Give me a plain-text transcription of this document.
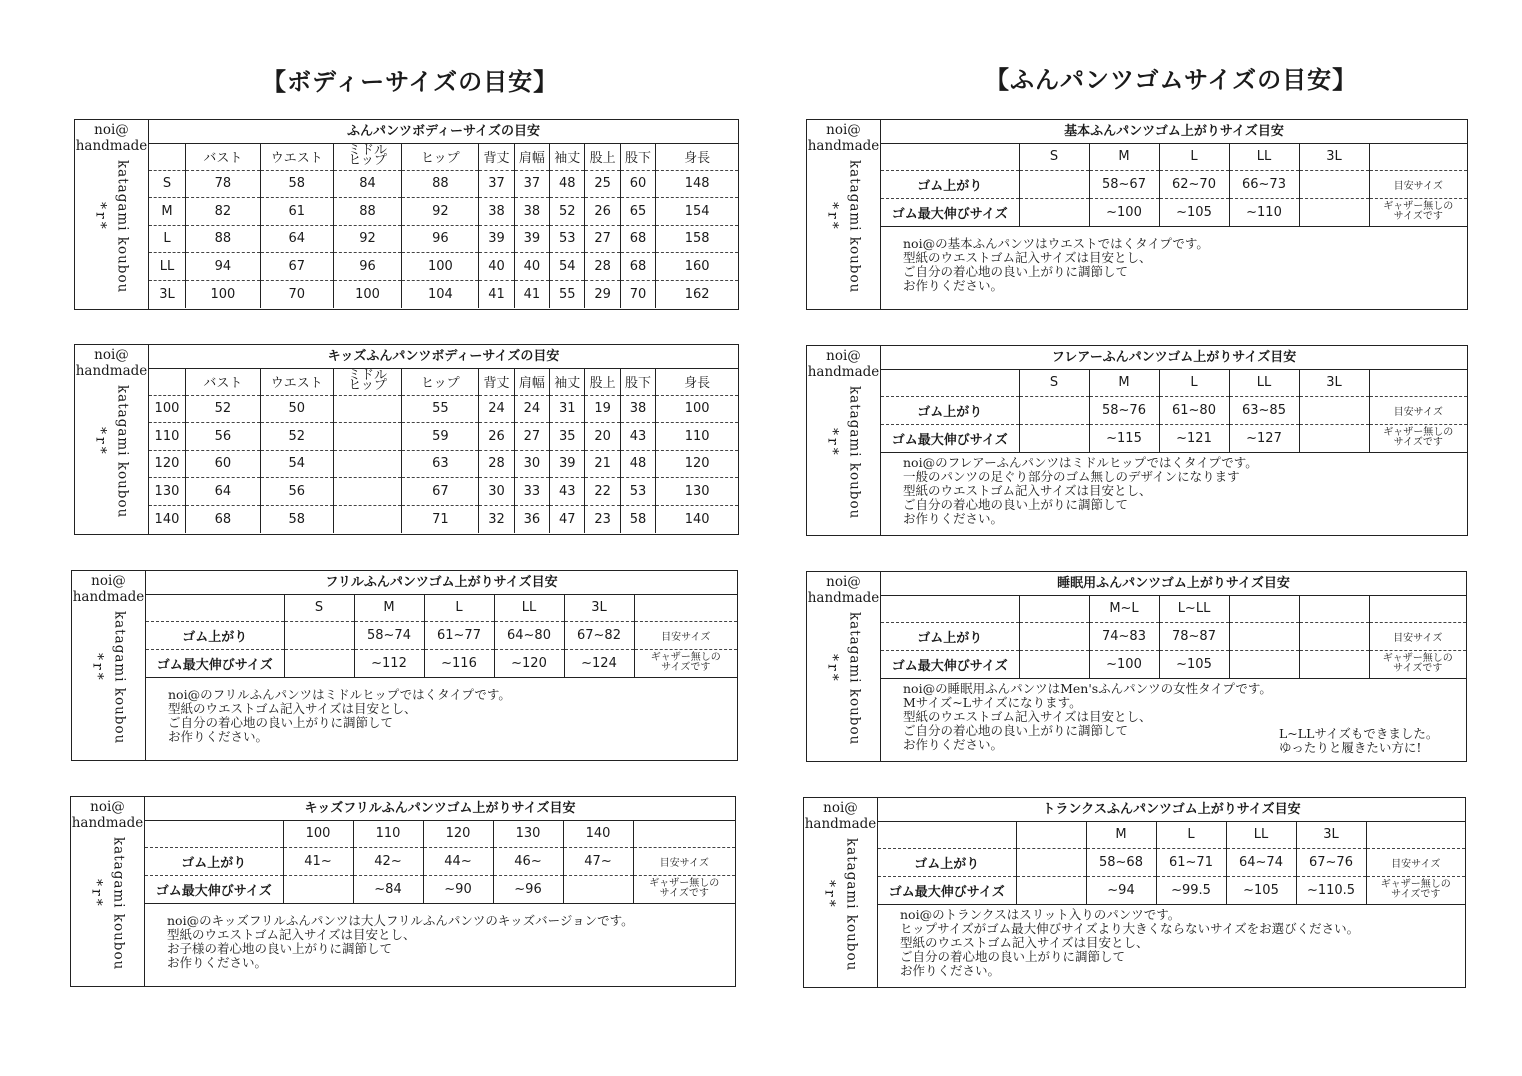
【ボディーサイズの目安】	【ふんパンツゴムサイズの目安】
noi@
handmade
katagami koubou
*r*
ふんパンツボディーサイズの目安
	バスト	ウエスト	ミドル
ヒップ	ヒップ	背丈	肩幅	袖丈	股上	股下	身長
S	78	58	84	88	37	37	48	25	60	148
M	82	61	88	92	38	38	52	26	65	154
L	88	64	92	96	39	39	53	27	68	158
LL	94	67	96	100	40	40	54	28	68	160
3L	100	70	100	104	41	41	55	29	70	162
noi@
handmade
katagami koubou
*r*
キッズふんパンツボディーサイズの目安
	バスト	ウエスト	ミドル
ヒップ	ヒップ	背丈	肩幅	袖丈	股上	股下	身長
100	52	50		55	24	24	31	19	38	100
110	56	52		59	26	27	35	20	43	110
120	60	54		63	28	30	39	21	48	120
130	64	56		67	30	33	43	22	53	130
140	68	58		71	32	36	47	23	58	140
noi@
handmade
katagami koubou
*r*
フリルふんパンツゴム上がりサイズ目安
	S	M	L	LL	3L	
ゴム上がり		58~74	61~77	64~80	67~82	目安サイズ
ゴム最大伸びサイズ		~112	~116	~120	~124	ギャザー無しの
サイズです
noi@のフリルふんパンツはミドルヒップではくタイプです。
型紙のウエストゴム記入サイズは目安とし、
ご自分の着心地の良い上がりに調節して
お作りください。
noi@
handmade
katagami koubou
*r*
キッズフリルふんパンツゴム上がりサイズ目安
	100	110	120	130	140	
ゴム上がり	41~	42~	44~	46~	47~	目安サイズ
ゴム最大伸びサイズ		~84	~90	~96		ギャザー無しの
サイズです
noi@のキッズフリルふんパンツは大人フリルふんパンツのキッズバージョンです。
型紙のウエストゴム記入サイズは目安とし、
お子様の着心地の良い上がりに調節して
お作りください。
noi@
handmade
katagami koubou
*r*
基本ふんパンツゴム上がりサイズ目安
	S	M	L	LL	3L	
ゴム上がり		58~67	62~70	66~73		目安サイズ
ゴム最大伸びサイズ		~100	~105	~110		ギャザー無しの
サイズです
noi@の基本ふんパンツはウエストではくタイプです。
型紙のウエストゴム記入サイズは目安とし、
ご自分の着心地の良い上がりに調節して
お作りください。
noi@
handmade
katagami koubou
*r*
フレアーふんパンツゴム上がりサイズ目安
	S	M	L	LL	3L	
ゴム上がり		58~76	61~80	63~85		目安サイズ
ゴム最大伸びサイズ		~115	~121	~127		ギャザー無しの
サイズです
noi@のフレアーふんパンツはミドルヒップではくタイプです。
一般のパンツの足ぐり部分のゴム無しのデザインになります
型紙のウエストゴム記入サイズは目安とし、
ご自分の着心地の良い上がりに調節して
お作りください。
noi@
handmade
katagami koubou
*r*
睡眠用ふんパンツゴム上がりサイズ目安
		M~L	L~LL			
ゴム上がり		74~83	78~87			目安サイズ
ゴム最大伸びサイズ		~100	~105			ギャザー無しの
サイズです
noi@の睡眠用ふんパンツはMen'sふんパンツの女性タイプです。
Mサイズ~Lサイズになります。
型紙のウエストゴム記入サイズは目安とし、
ご自分の着心地の良い上がりに調節して
お作りください。
L~LLサイズもできました。
ゆったりと履きたい方に!
noi@
handmade
katagami koubou
*r*
トランクスふんパンツゴム上がりサイズ目安
		M	L	LL	3L	
ゴム上がり		58~68	61~71	64~74	67~76	目安サイズ
ゴム最大伸びサイズ		~94	~99.5	~105	~110.5	ギャザー無しの
サイズです
noi@のトランクスはスリット入りのパンツです。
ヒップサイズがゴム最大伸びサイズより大きくならないサイズをお選びください。
型紙のウエストゴム記入サイズは目安とし、
ご自分の着心地の良い上がりに調節して
お作りください。
